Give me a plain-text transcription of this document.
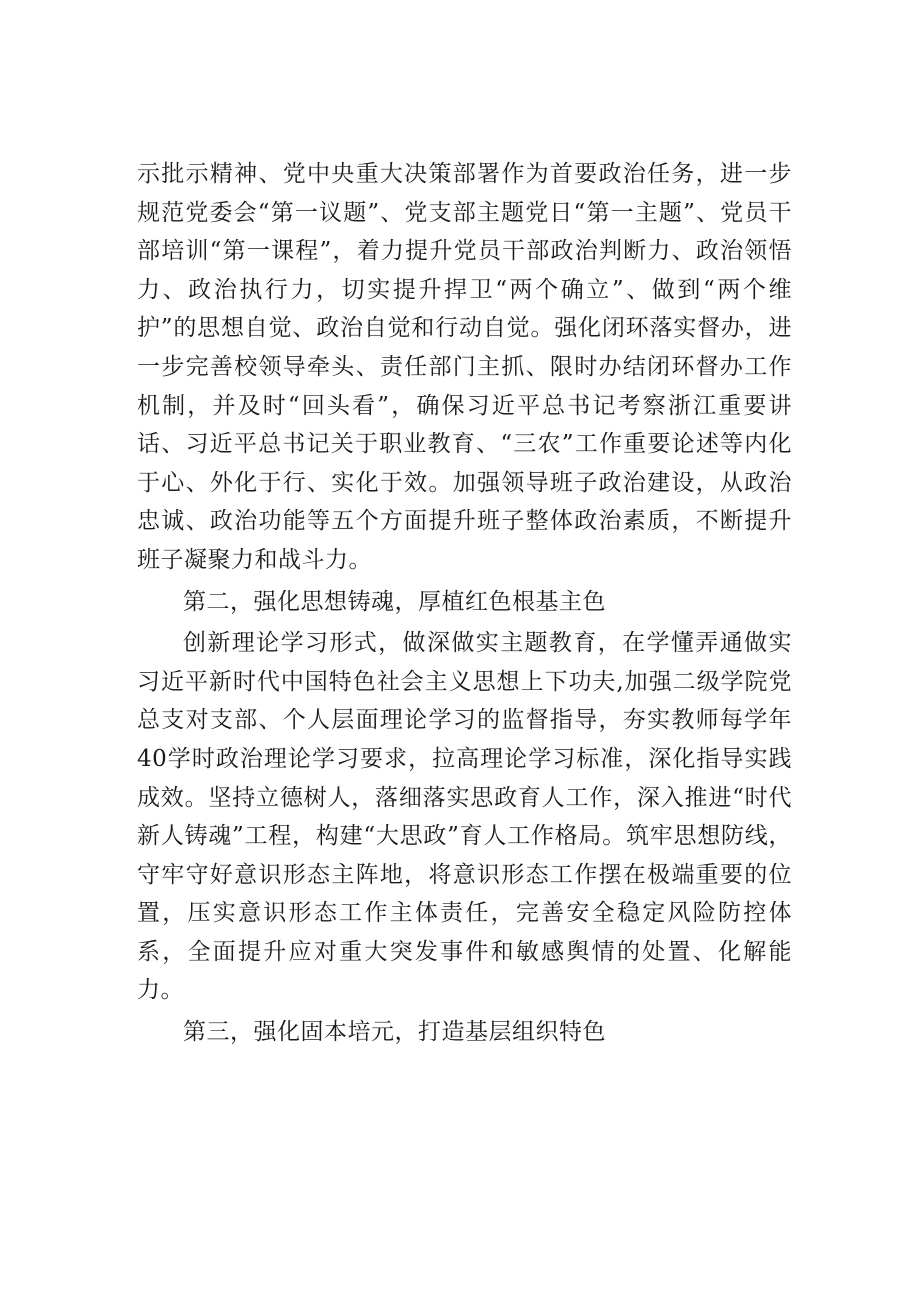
示批示精神、党中央重大决策部署作为首要政治任务，进一步规范党委会“第一议题”、党支部主题党日“第一主题”、党员干部培训“第一课程”，着力提升党员干部政治判断力、政治领悟力、政治执行力，切实提升捍卫“两个确立”、做到“两个维护”的思想自觉、政治自觉和行动自觉。强化闭环落实督办，进一步完善校领导牵头、责任部门主抓、限时办结闭环督办工作机制，并及时“回头看”，确保习近平总书记考察浙江重要讲话、习近平总书记关于职业教育、“三农”工作重要论述等内化于心、外化于行、实化于效。加强领导班子政治建设，从政治忠诚、政治功能等五个方面提升班子整体政治素质，不断提升班子凝聚力和战斗力。

第二，强化思想铸魂，厚植红色根基主色

创新理论学习形式，做深做实主题教育，在学懂弄通做实习近平新时代中国特色社会主义思想上下功夫,加强二级学院党总支对支部、个人层面理论学习的监督指导，夯实教师每学年40学时政治理论学习要求，拉高理论学习标准，深化指导实践成效。坚持立德树人，落细落实思政育人工作，深入推进“时代新人铸魂”工程，构建“大思政”育人工作格局。筑牢思想防线，守牢守好意识形态主阵地，将意识形态工作摆在极端重要的位置，压实意识形态工作主体责任，完善安全稳定风险防控体系，全面提升应对重大突发事件和敏感舆情的处置、化解能力。

第三，强化固本培元，打造基层组织特色
